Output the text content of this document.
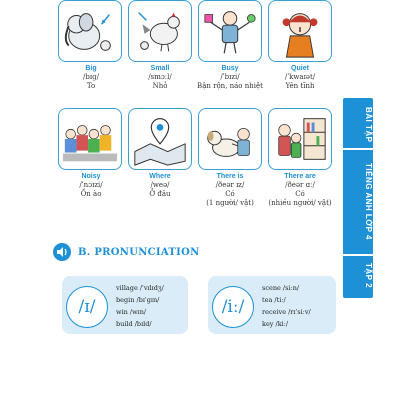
Big
/bɪɡ/
To
Small
/smɔːl/
Nhỏ
Busy
/ˈbɪzi/
Bận rộn, náo nhiệt
Quiet
/ˈkwaɪət/
Yên tĩnh
Noisy
/ˈnɔɪzi/
Ồn ào
Where
/weə/
Ở đâu
There is
/ðeər ɪz/
Có
(1 người/ vật)
There are
/ðeər ɑː/
Có
(nhiều người/ vật)
BÀI TẬP
TIẾNG ANH LỚP 4
TẬP 2
B. PRONUNCIATION
/ɪ/
village /ˈvɪlɪdʒ/
begin /bɪˈɡɪn/
win /wɪn/
build /bɪld/
/iː/
scene /siːn/
tea /tiː/
receive /rɪˈsiːv/
key /kiː/
